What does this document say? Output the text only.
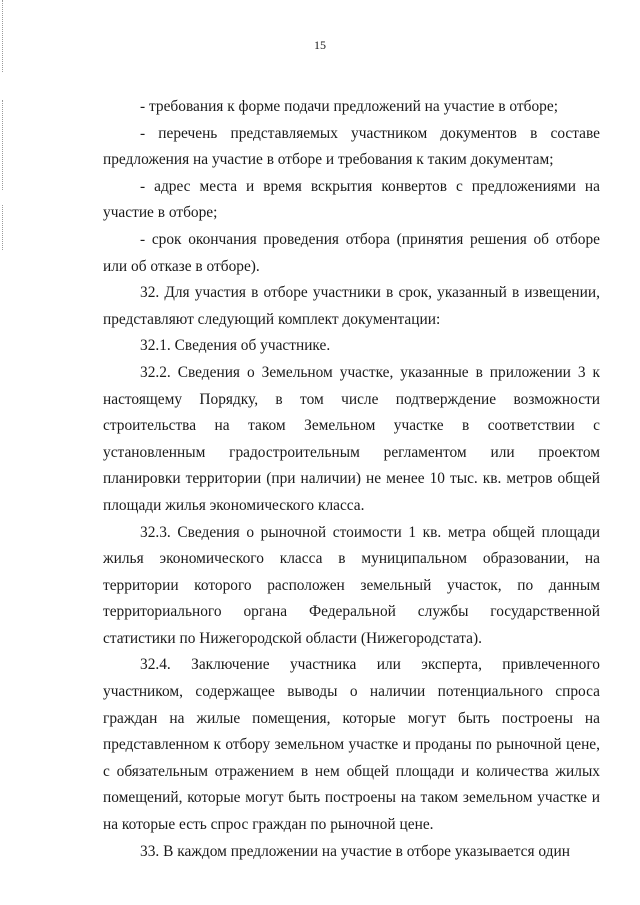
15

- требования к форме подачи предложений на участие в отборе;

- перечень представляемых участником документов в составе предложения на участие в отборе и требования к таким документам;

- адрес места и время вскрытия конвертов с предложениями на участие в отборе;

- срок окончания проведения отбора (принятия решения об отборе или об отказе в отборе).

32. Для участия в отборе участники в срок, указанный в извещении, представляют следующий комплект документации:

32.1. Сведения об участнике.

32.2. Сведения о Земельном участке, указанные в приложении 3 к настоящему Порядку, в том числе подтверждение возможности строительства на таком Земельном участке в соответствии с установленным градостроительным регламентом или проектом планировки территории (при наличии) не менее 10 тыс. кв. метров общей площади жилья экономического класса.

32.3. Сведения о рыночной стоимости 1 кв. метра общей площади жилья экономического класса в муниципальном образовании, на территории которого расположен земельный участок, по данным территориального органа Федеральной службы государственной статистики по Нижегородской области (Нижегородстата).

32.4. Заключение участника или эксперта, привлеченного участником, содержащее выводы о наличии потенциального спроса граждан на жилые помещения, которые могут быть построены на представленном к отбору земельном участке и проданы по рыночной цене, с обязательным отражением в нем общей площади и количества жилых помещений, которые могут быть построены на таком земельном участке и на которые есть спрос граждан по рыночной цене.

33. В каждом предложении на участие в отборе указывается один
